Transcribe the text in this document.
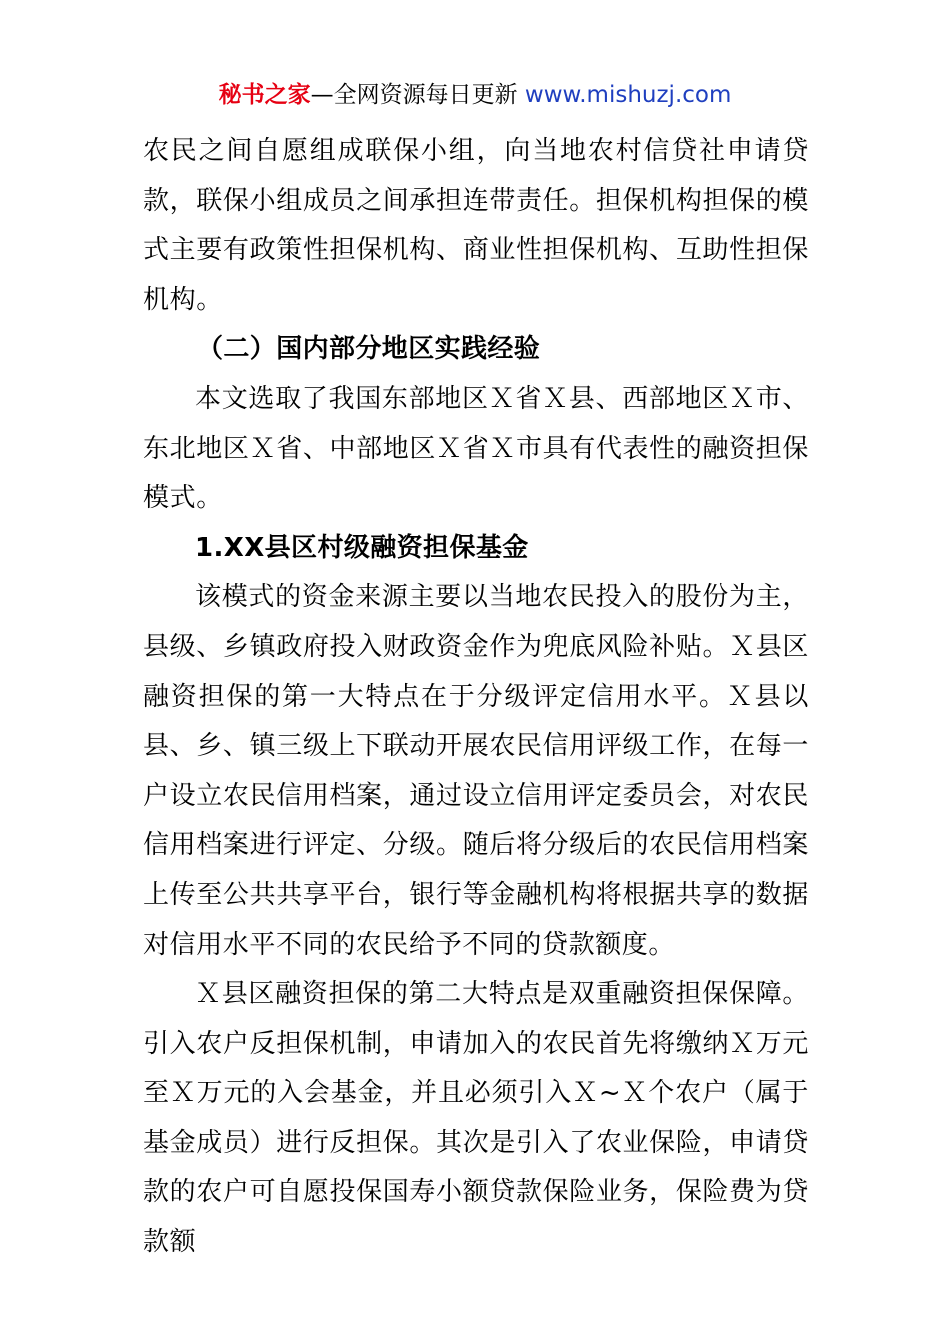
秘书之家—全网资源每日更新 www.mishuzj.com

农民之间自愿组成联保小组，向当地农村信贷社申请贷款，联保小组成员之间承担连带责任。担保机构担保的模式主要有政策性担保机构、商业性担保机构、互助性担保机构。

（二）国内部分地区实践经验

本文选取了我国东部地区Ｘ省Ｘ县、西部地区Ｘ市、东北地区Ｘ省、中部地区Ｘ省Ｘ市具有代表性的融资担保模式。

1.XX县区村级融资担保基金

该模式的资金来源主要以当地农民投入的股份为主，县级、乡镇政府投入财政资金作为兜底风险补贴。Ｘ县区融资担保的第一大特点在于分级评定信用水平。Ｘ县以县、乡、镇三级上下联动开展农民信用评级工作，在每一户设立农民信用档案，通过设立信用评定委员会，对农民信用档案进行评定、分级。随后将分级后的农民信用档案上传至公共共享平台，银行等金融机构将根据共享的数据对信用水平不同的农民给予不同的贷款额度。

Ｘ县区融资担保的第二大特点是双重融资担保保障。引入农户反担保机制，申请加入的农民首先将缴纳Ｘ万元至Ｘ万元的入会基金，并且必须引入Ｘ~Ｘ个农户（属于基金成员）进行反担保。其次是引入了农业保险，申请贷款的农户可自愿投保国寿小额贷款保险业务，保险费为贷款额
